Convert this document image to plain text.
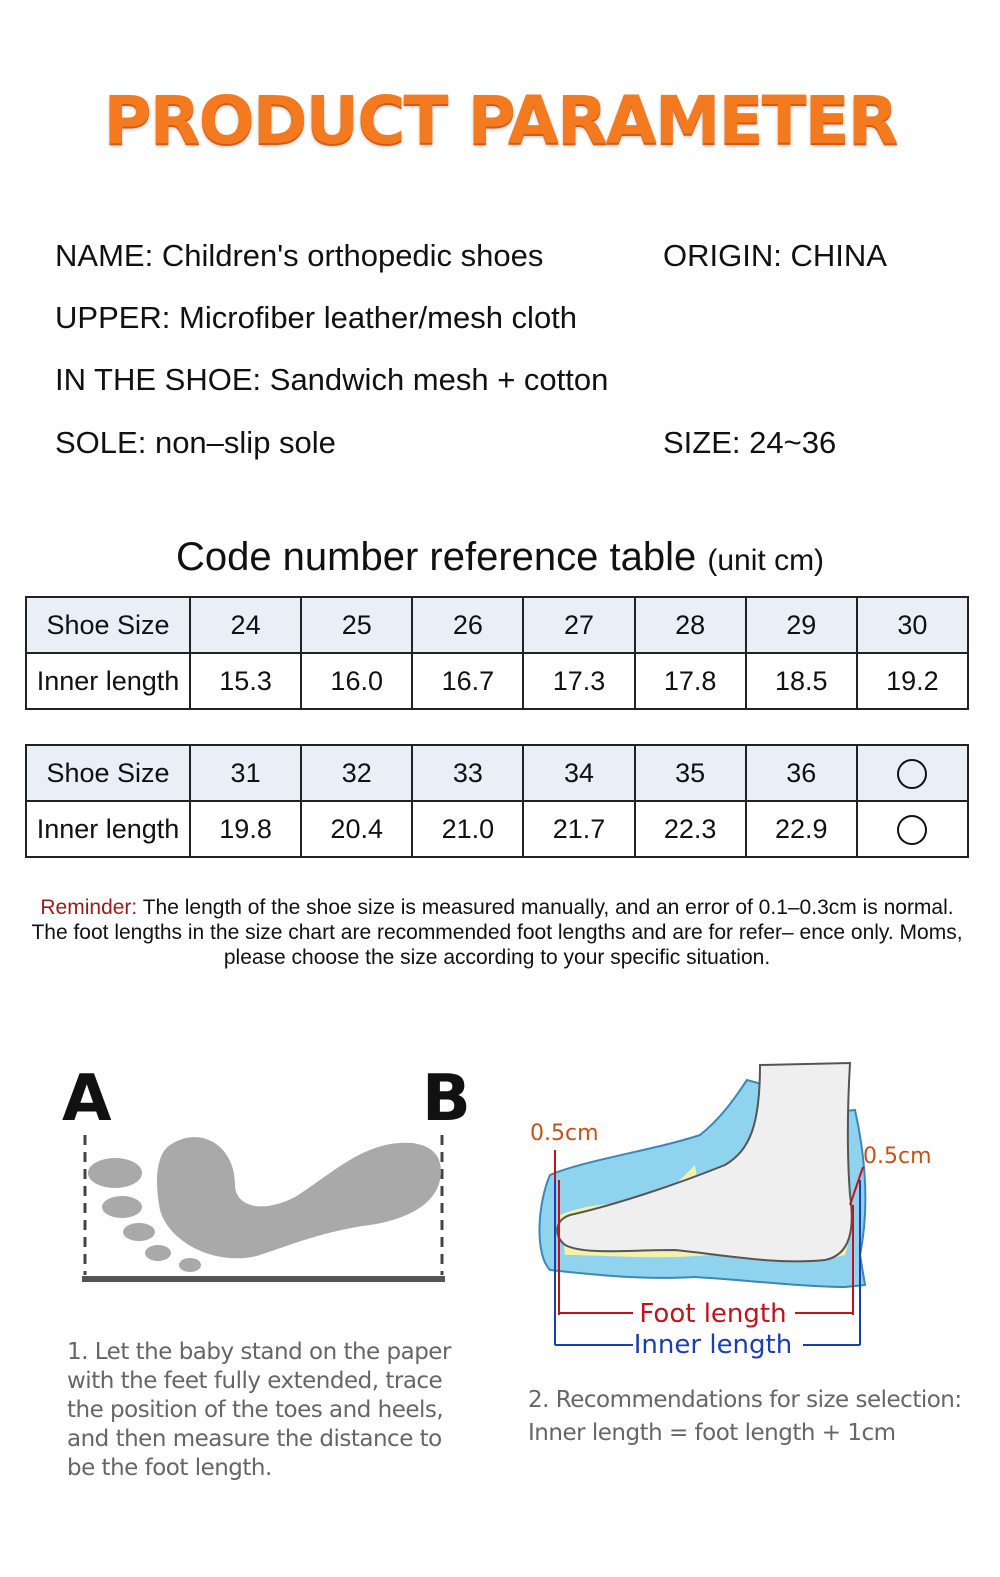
PRODUCT PARAMETER
NAME: Children's orthopedic shoes	ORIGIN: CHINA
UPPER: Microfiber leather/mesh cloth
IN THE SHOE: Sandwich mesh + cotton
SOLE: non–slip sole	SIZE: 24~36
Code number reference table (unit cm)
Shoe Size	24	25	26	27	28	29	30
Inner length	15.3	16.0	16.7	17.3	17.8	18.5	19.2
Shoe Size	31	32	33	34	35	36	
Inner length	19.8	20.4	21.0	21.7	22.3	22.9	
Reminder: The length of the shoe size is measured manually, and an error of 0.1–0.3cm is normal. The foot lengths in the size chart are recommended foot lengths and are for refer– ence only. Moms, please choose the size according to your specific situation.
A	B	0.5cm
0.5cm
Foot length
Inner length
1. Let the baby stand on the paper with the feet fully extended, trace the position of the toes and heels, and then measure the distance to be the foot length.
2. Recommendations for size selection:
Inner length = foot length + 1cm
